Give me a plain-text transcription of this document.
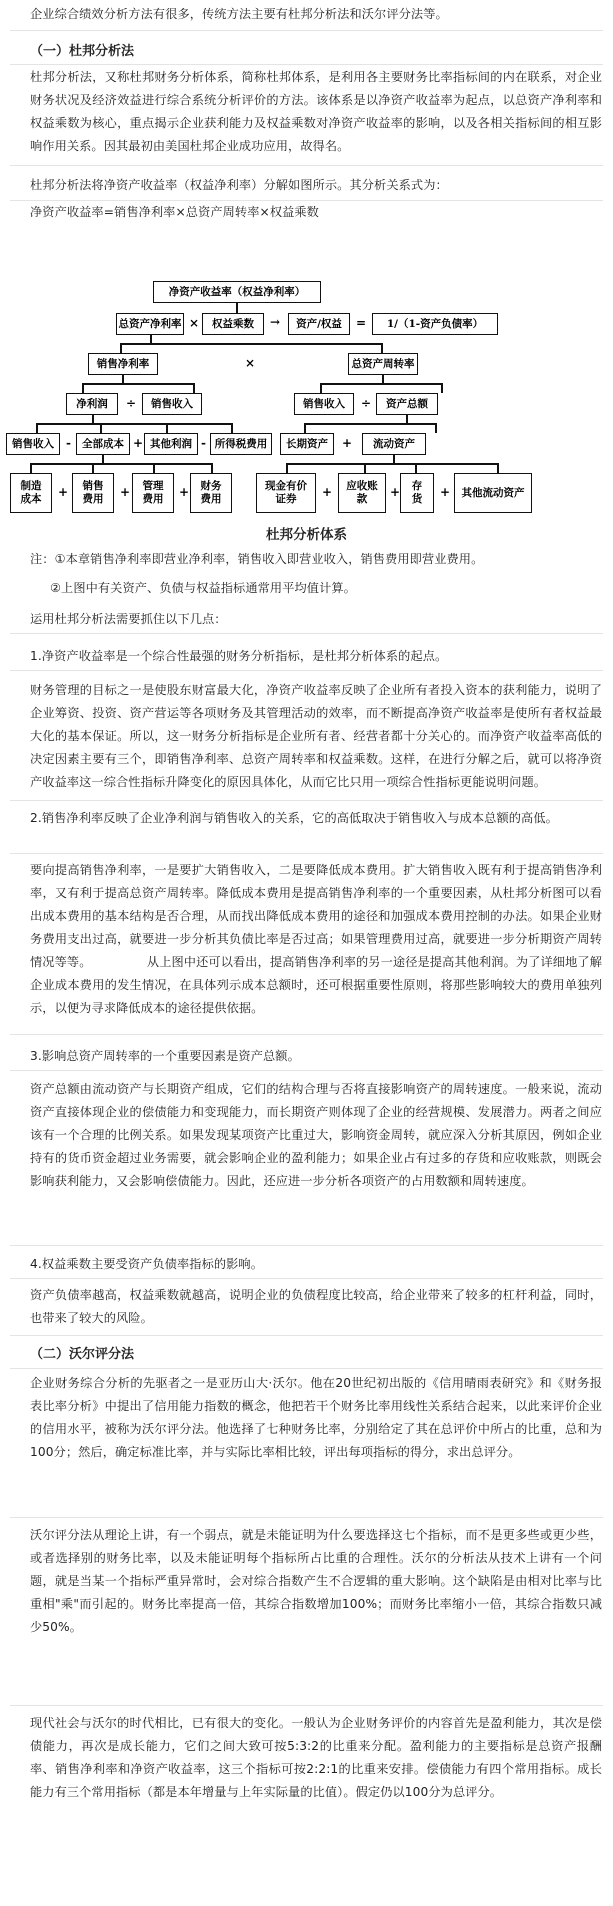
企业综合绩效分析方法有很多，传统方法主要有杜邦分析法和沃尔评分法等。

（一）杜邦分析法

杜邦分析法，又称杜邦财务分析体系，简称杜邦体系，是利用各主要财务比率指标间的内在联系，对企业财务状况及经济效益进行综合系统分析评价的方法。该体系是以净资产收益率为起点，以总资产净利率和权益乘数为核心，重点揭示企业获利能力及权益乘数对净资产收益率的影响，以及各相关指标间的相互影响作用关系。因其最初由美国杜邦企业成功应用，故得名。

杜邦分析法将净资产收益率（权益净利率）分解如图所示。其分析关系式为：

净资产收益率=销售净利率×总资产周转率×权益乘数

净资产收益率（权益净利率）
总资产净利率 ×	权益乘数	→	资产/权益	=	1/（1-资产负债率）
销售净利率	×	总资产周转率
净利润	÷	销售收入	销售收入	÷	资产总额
销售收入	-	全部成本 + 其他利润 - 所得税费用	长期资产	+	流动资产
制造成本	+	销售费用	+	管理费用	+	财务费用
现金有价证券	+	应收账款	+	存货	+	其他流动资产
杜邦分析体系

注：①本章销售净利率即营业净利率，销售收入即营业收入，销售费用即营业费用。

②上图中有关资产、负债与权益指标通常用平均值计算。

运用杜邦分析法需要抓住以下几点：

1.净资产收益率是一个综合性最强的财务分析指标，是杜邦分析体系的起点。

财务管理的目标之一是使股东财富最大化，净资产收益率反映了企业所有者投入资本的获利能力，说明了企业筹资、投资、资产营运等各项财务及其管理活动的效率，而不断提高净资产收益率是使所有者权益最大化的基本保证。所以，这一财务分析指标是企业所有者、经营者都十分关心的。而净资产收益率高低的决定因素主要有三个，即销售净利率、总资产周转率和权益乘数。这样，在进行分解之后，就可以将净资产收益率这一综合性指标升降变化的原因具体化，从而它比只用一项综合性指标更能说明问题。

2.销售净利率反映了企业净利润与销售收入的关系，它的高低取决于销售收入与成本总额的高低。

要向提高销售净利率，一是要扩大销售收入，二是要降低成本费用。扩大销售收入既有利于提高销售净利率，又有利于提高总资产周转率。降低成本费用是提高销售净利率的一个重要因素，从杜邦分析图可以看出成本费用的基本结构是否合理，从而找出降低成本费用的途径和加强成本费用控制的办法。如果企业财务费用支出过高，就要进一步分析其负债比率是否过高；如果管理费用过高，就要进一步分析期资产周转情况等等。　　　　　从上图中还可以看出，提高销售净利率的另一途径是提高其他利润。为了详细地了解企业成本费用的发生情况，在具体列示成本总额时，还可根据重要性原则，将那些影响较大的费用单独列示，以便为寻求降低成本的途径提供依据。

3.影响总资产周转率的一个重要因素是资产总额。

资产总额由流动资产与长期资产组成，它们的结构合理与否将直接影响资产的周转速度。一般来说，流动资产直接体现企业的偿债能力和变现能力，而长期资产则体现了企业的经营规模、发展潜力。两者之间应该有一个合理的比例关系。如果发现某项资产比重过大，影响资金周转，就应深入分析其原因，例如企业持有的货币资金超过业务需要，就会影响企业的盈利能力；如果企业占有过多的存货和应收账款，则既会影响获利能力，又会影响偿债能力。因此，还应进一步分析各项资产的占用数额和周转速度。

4.权益乘数主要受资产负债率指标的影响。

资产负债率越高，权益乘数就越高，说明企业的负债程度比较高，给企业带来了较多的杠杆利益，同时，也带来了较大的风险。

（二）沃尔评分法

企业财务综合分析的先驱者之一是亚历山大·沃尔。他在20世纪初出版的《信用晴雨表研究》和《财务报表比率分析》中提出了信用能力指数的概念，他把若干个财务比率用线性关系结合起来，以此来评价企业的信用水平，被称为沃尔评分法。他选择了七种财务比率，分别给定了其在总评价中所占的比重，总和为100分；然后，确定标准比率，并与实际比率相比较，评出每项指标的得分，求出总评分。

沃尔评分法从理论上讲，有一个弱点，就是未能证明为什么要选择这七个指标，而不是更多些或更少些，或者选择别的财务比率，以及未能证明每个指标所占比重的合理性。沃尔的分析法从技术上讲有一个问题，就是当某一个指标严重异常时，会对综合指数产生不合逻辑的重大影响。这个缺陷是由相对比率与比重相"乘"而引起的。财务比率提高一倍，其综合指数增加100%；而财务比率缩小一倍，其综合指数只减少50%。

现代社会与沃尔的时代相比，已有很大的变化。一般认为企业财务评价的内容首先是盈利能力，其次是偿债能力，再次是成长能力，它们之间大致可按5:3:2的比重来分配。盈利能力的主要指标是总资产报酬率、销售净利率和净资产收益率，这三个指标可按2:2:1的比重来安排。偿债能力有四个常用指标。成长能力有三个常用指标（都是本年增量与上年实际量的比值）。假定仍以100分为总评分。
